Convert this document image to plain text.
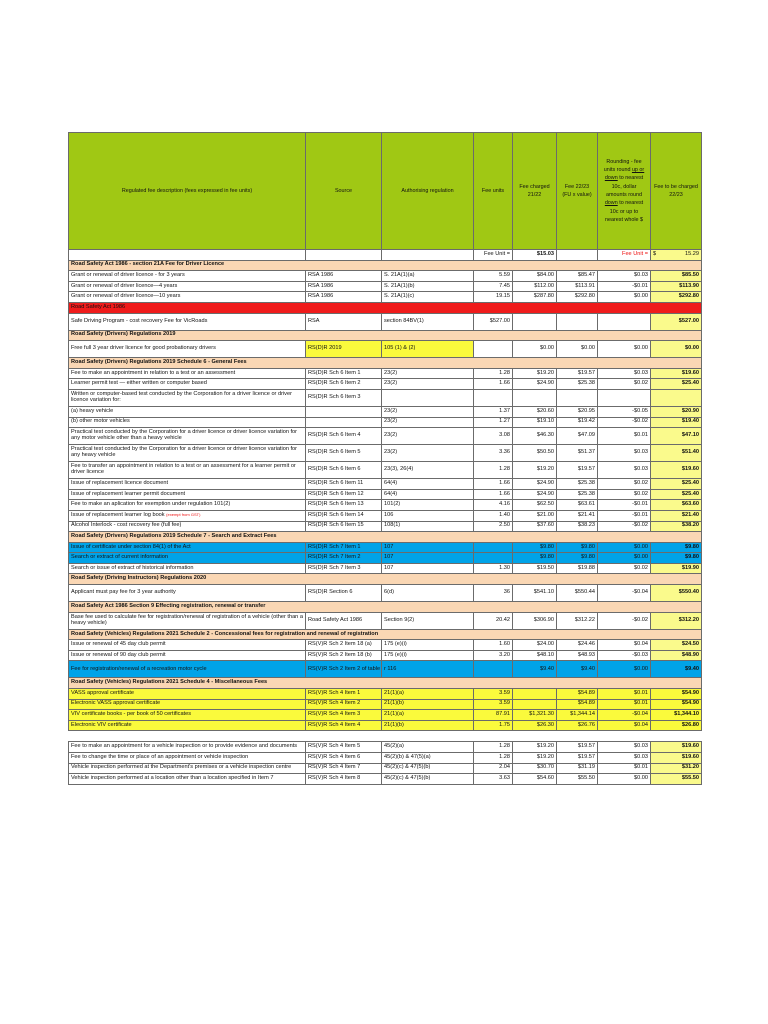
Regulated fee description (fees expressed in fee units)	Source	Authorising regulation	Fee units	Fee charged 21/22	Fee 22/23 (FU x value)	Rounding - fee units round up or down to nearest 10c, dollar amounts round down to nearest 10c or up to nearest whole $	Fee to be charged 22/23
			Fee Unit =	$15.03		Fee Unit =	$ 15.29

Road Safety Act 1986 - section 21A Fee for Driver Licence							
Grant or renewal of driver licence - for 3 years	RSA 1986	S. 21A(1)(a)	5.59	$84.00	$85.47	$0.03	$85.50
Grant or renewal of driver licence—4 years	RSA 1986	S. 21A(1)(b)	7.45	$112.00	$113.91	-$0.01	$113.90
Grant or renewal of driver licence—10 years	RSA 1986	S. 21A(1)(c)	19.15	$287.80	$292.80	$0.00	$292.80
Road Safety Act 1986							
Safe Driving Program - cost recovery Fee for VicRoads	RSA	section 84BV(1)	$527.00				$527.00
Road Safety (Drivers) Regulations 2019							
Free full 3 year driver licence for good probationary drivers	RS(D)R 2019	105 (1) & (2)		$0.00	$0.00	$0.00	$0.00
Road Safety (Drivers) Regulations 2019 Schedule 6 - General Fees							
Fee to make an appointment in relation to a test or an assessment	RS(D)R Sch 6 Item 1	23(2)	1.28	$19.20	$19.57	$0.03	$19.60
Learner permit test — either written or computer based	RS(D)R Sch 6 Item 2	23(2)	1.66	$24.90	$25.38	$0.02	$25.40
Written or computer-based test conducted by the Corporation for a driver licence or driver licence variation for:	RS(D)R Sch 6 Item 3						
(a) heavy vehicle		23(2)	1.37	$20.60	$20.95	-$0.05	$20.90
(b) other motor vehicles		23(2)	1.27	$19.10	$19.42	-$0.02	$19.40
Practical test conducted by the Corporation for a driver licence or driver licence variation for any motor vehicle other than a heavy vehicle	RS(D)R Sch 6 Item 4	23(2)	3.08	$46.30	$47.09	$0.01	$47.10
Practical test conducted by the Corporation for a driver licence or driver licence variation for any heavy vehicle	RS(D)R Sch 6 Item 5	23(2)	3.36	$50.50	$51.37	$0.03	$51.40
Fee to transfer an appointment in relation to a test or an assessment for a learner permit or driver licence	RS(D)R Sch 6 Item 6	23(3), 26(4)	1.28	$19.20	$19.57	$0.03	$19.60
Issue of replacement licence document	RS(D)R Sch 6 Item 11	64(4)	1.66	$24.90	$25.38	$0.02	$25.40
Issue of replacement learner permit document	RS(D)R Sch 6 Item 12	64(4)	1.66	$24.90	$25.38	$0.02	$25.40
Fee to make an aplication for exemption under regulation 101(2)	RS(D)R Sch 6 Item 13	101(2)	4.16	$62.50	$63.61	-$0.01	$63.60
Issue of replacement learner log book (exempt from GST)	RS(D)R Sch 6 Item 14	106	1.40	$21.00	$21.41	-$0.01	$21.40
Alcohol Interlock - cost recovery fee (full fee)	RS(D)R Sch 6 Item 15	108(1)	2.50	$37.60	$38.23	-$0.02	$38.20
Road Safety (Drivers) Regulations 2019 Schedule 7 - Search and Extract Fees							
Issue of certificate under section 84(1) of the Act	RS(D)R Sch 7 Item 1	107		$9.80	$9.80	$0.00	$9.80
Search or extract of current information	RS(D)R Sch 7 Item 2	107		$9.80	$9.80	$0.00	$9.80
Search or issue of extract of historical information	RS(D)R Sch 7 Item 3	107	1.30	$19.50	$19.88	$0.02	$19.90
Road Safety (Driving Instructors) Regulations 2020							
Applicant must pay fee for 3 year authority	RS(D)R Section 6	6(d)	36	$541.10	$550.44	-$0.04	$550.40
Road Safety Act 1986 Section 9 Effecting registration, renewal or transfer							
Base fee used to calculate fee for registration/renewal of registration of a vehicle (other than a heavy vehicle)	Road Safety Act 1986	Section 9(2)	20.42	$306.90	$312.22	-$0.02	$312.20
Road Safety (Vehicles) Regulations 2021 Schedule 2 - Concessional fees for registration and renewal of registration							
Issue or renewal of 45 day club permit	RS(V)R Sch 2 Item 18 (a)	175 (e)(i)	1.60	$24.00	$24.46	$0.04	$24.50
Issue or renewal of 90 day club permit	RS(V)R Sch 2 Item 18 (b)	175 (e)(i)	3.20	$48.10	$48.93	-$0.03	$48.90
Fee for registration/renewal of a recreation motor cycle	RS(V)R Sch 2 Item 2 of table	r 116		$9.40	$9.40	$0.00	$9.40
Road Safety (Vehicles) Regulations 2021 Schedule 4 - Miscellaneous Fees							
VASS approval certificate	RS(V)R Sch 4 Item 1	21(1)(a)	3.59		$54.89	$0.01	$54.90
Electronic VASS approval certificate	RS(V)R Sch 4 Item 2	21(1)(b)	3.59		$54.89	$0.01	$54.90
VIV certificate books - per book of 50 certificates	RS(V)R Sch 4 Item 3	21(1)(a)	87.91	$1,321.30	$1,344.14	-$0.04	$1,344.10
Electronic VIV certificate	RS(V)R Sch 4 Item 4	21(1)(b)	1.75	$26.30	$26.76	$0.04	$26.80

Fee to make an appointment for a vehicle inspection or to provide evidence and documents	RS(V)R Sch 4 Item 5	45(2)(a)	1.28	$19.20	$19.57	$0.03	$19.60
Fee to change the time or place of an appointment or vehicle inspection	RS(V)R Sch 4 Item 6	45(2)(b) & 47(5)(a)	1.28	$19.20	$19.57	$0.03	$19.60
Vehicle inspection performed at the Department's premises or a vehicle inspection centre	RS(V)R Sch 4 Item 7	45(2)(c) & 47(5)(b)	2.04	$30.70	$31.19	$0.01	$31.20
Vehicle inspection performed at a location other than a location specified in Item 7	RS(V)R Sch 4 Item 8	45(2)(c) & 47(5)(b)	3.63	$54.60	$55.50	$0.00	$55.50
